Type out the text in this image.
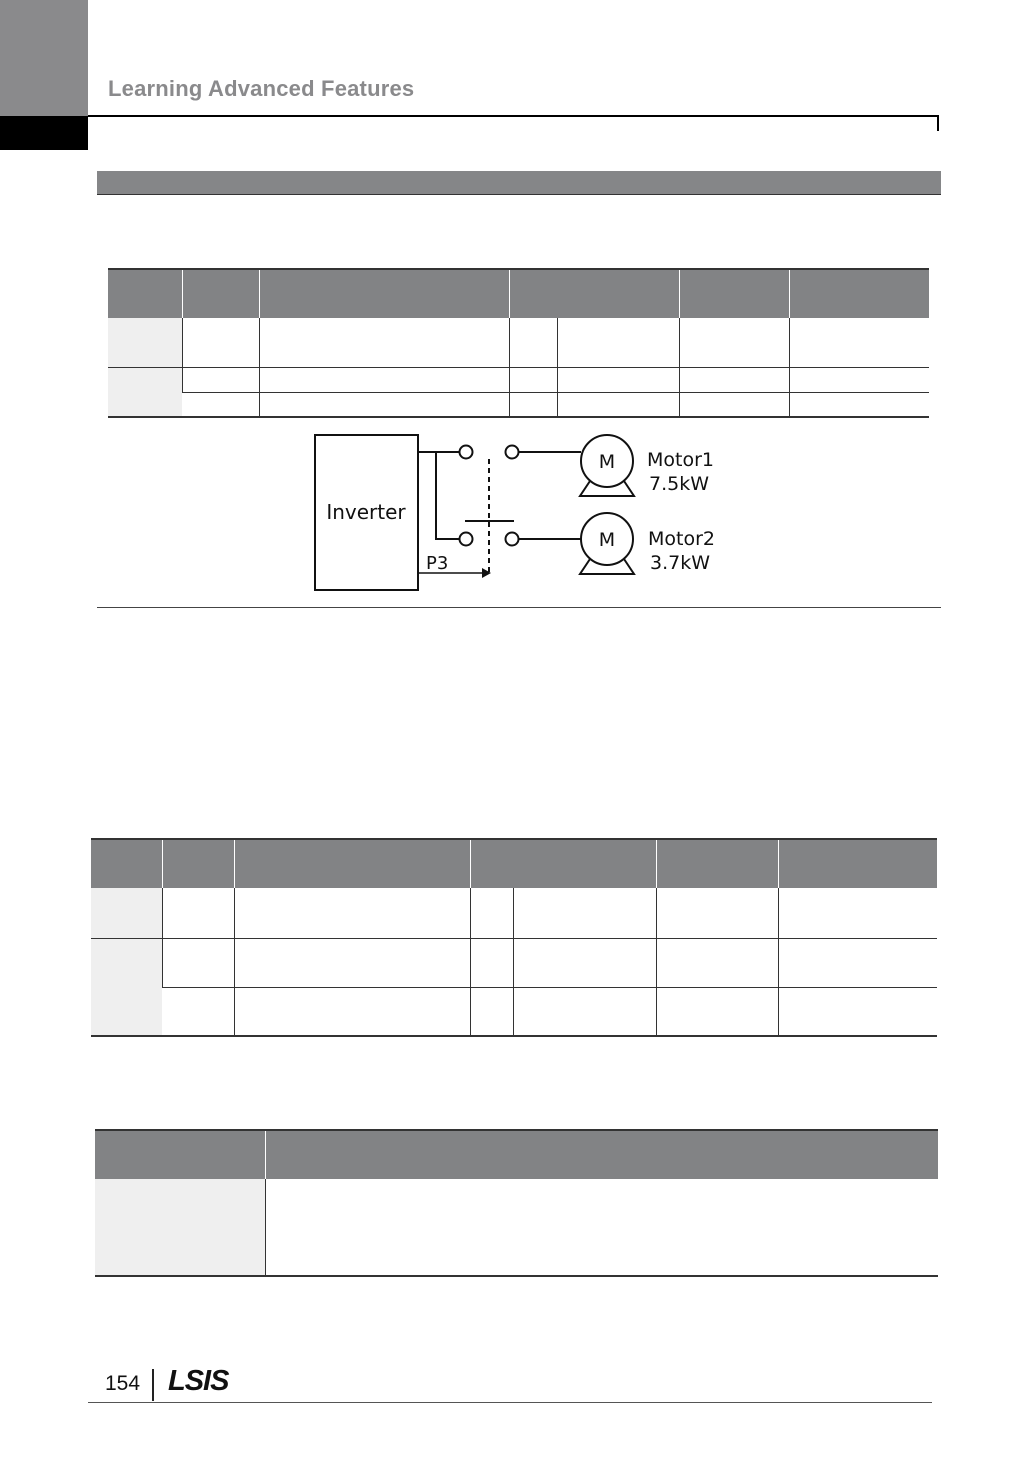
Learning Advanced Features

Inverter
P3
M Motor1
7.5kW
M Motor2
3.7kW

154 LSIS
